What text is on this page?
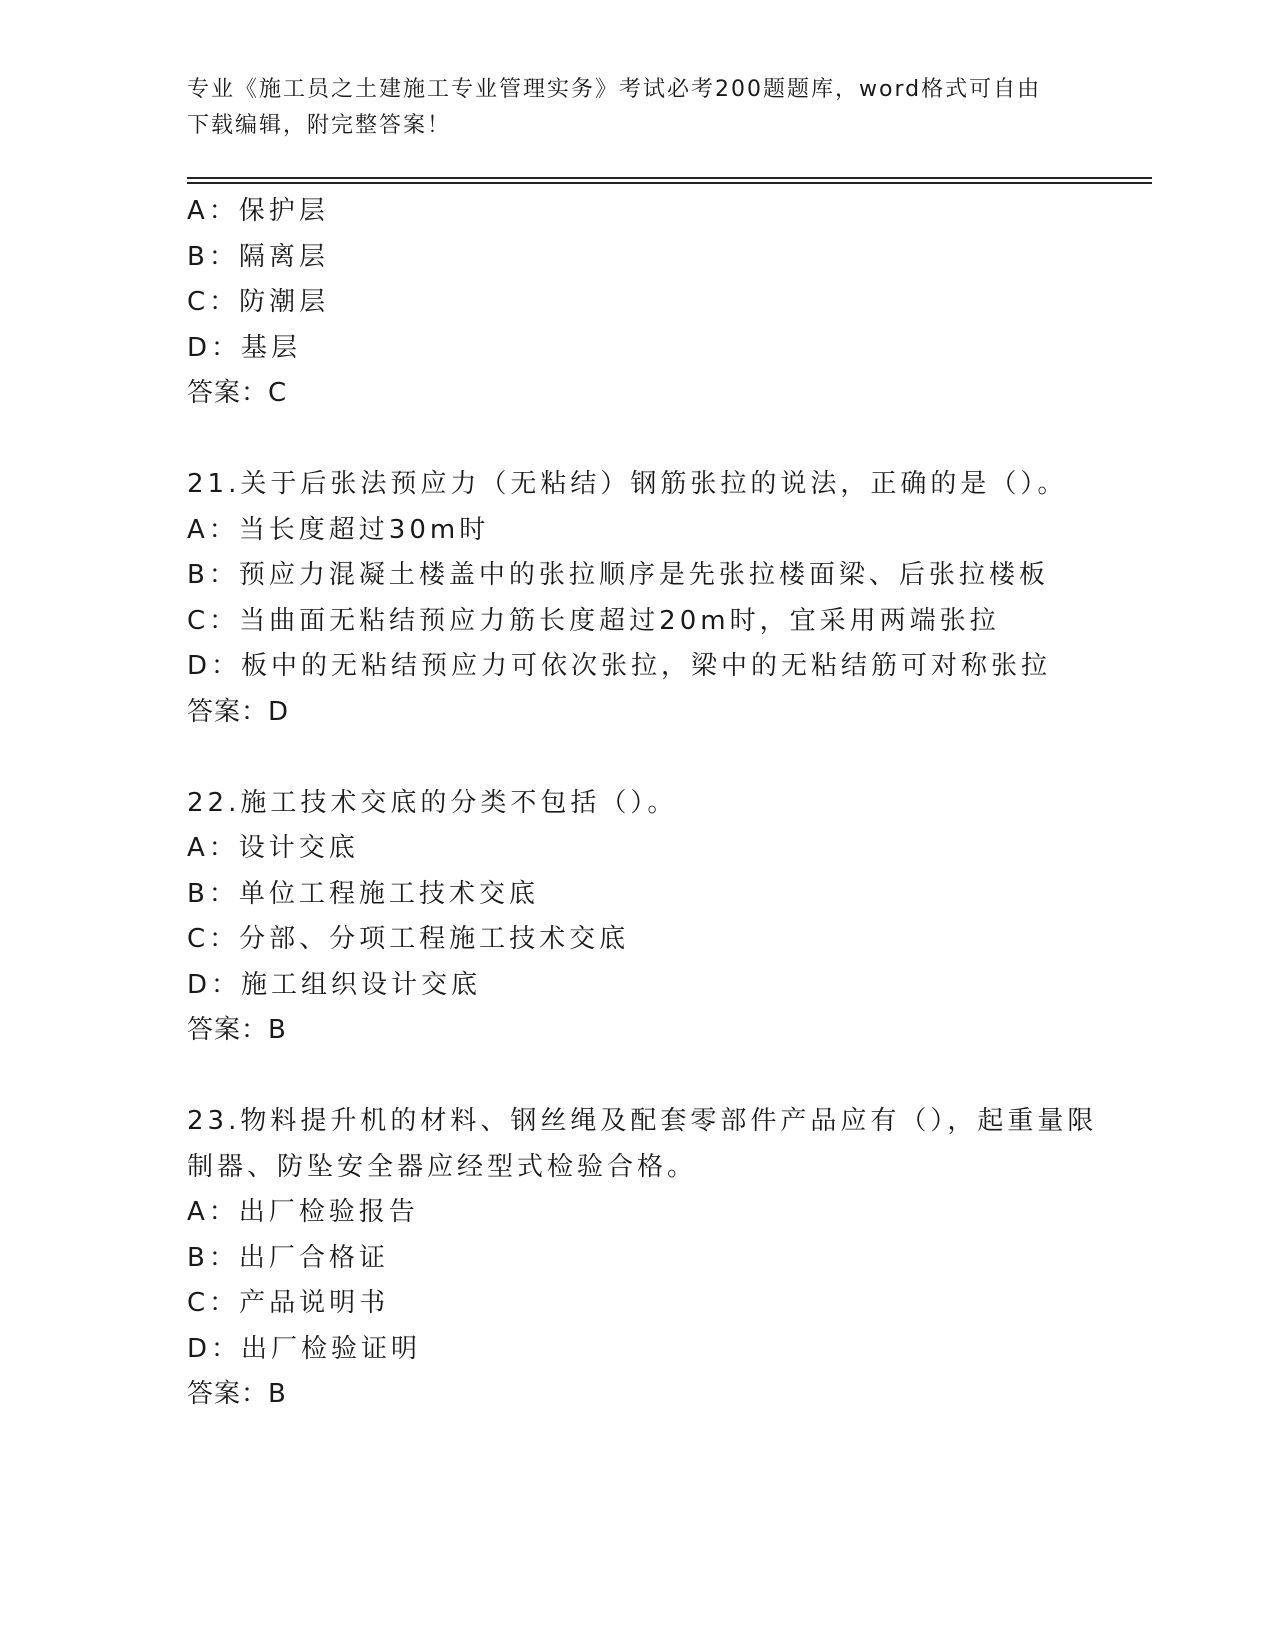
专业《施工员之土建施工专业管理实务》考试必考200题题库，word格式可自由
下载编辑，附完整答案！
A：保护层
B：隔离层
C：防潮层
D：基层
答案：C
21.关于后张法预应力（无粘结）钢筋张拉的说法，正确的是（）。
A：当长度超过30m时
B：预应力混凝土楼盖中的张拉顺序是先张拉楼面梁、后张拉楼板
C：当曲面无粘结预应力筋长度超过20m时，宜采用两端张拉
D：板中的无粘结预应力可依次张拉，梁中的无粘结筋可对称张拉
答案：D
22.施工技术交底的分类不包括（）。
A：设计交底
B：单位工程施工技术交底
C：分部、分项工程施工技术交底
D：施工组织设计交底
答案：B
23.物料提升机的材料、钢丝绳及配套零部件产品应有（），起重量限
制器、防坠安全器应经型式检验合格。
A：出厂检验报告
B：出厂合格证
C：产品说明书
D：出厂检验证明
答案：B
